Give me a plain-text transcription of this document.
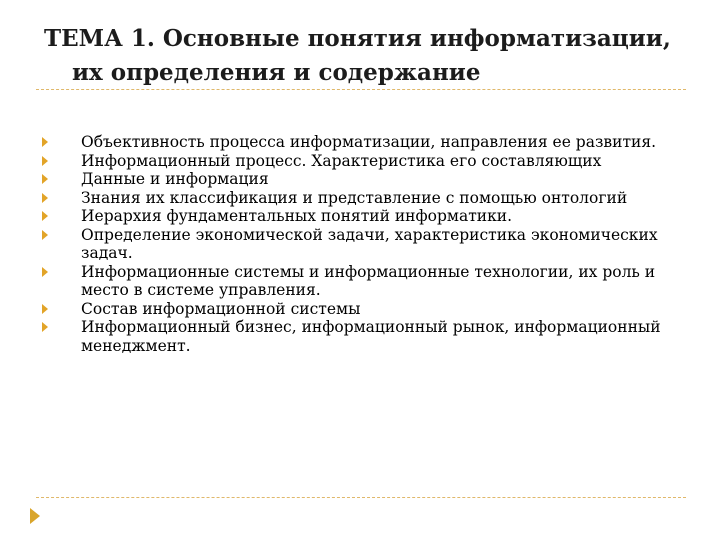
ТЕМА 1. Основные понятия информатизации,
их определения и содержание
Объективность процесса информатизации, направления ее развития.
Информационный процесс. Характеристика его составляющих
Данные и информация
Знания их классификация и представление с помощью онтологий
Иерархия фундаментальных понятий информатики.
Определение экономической задачи, характеристика экономических задач.
Информационные системы и информационные технологии, их роль и место в системе управления.
Состав информационной системы
Информационный бизнес, информационный рынок, информационный менеджмент.
